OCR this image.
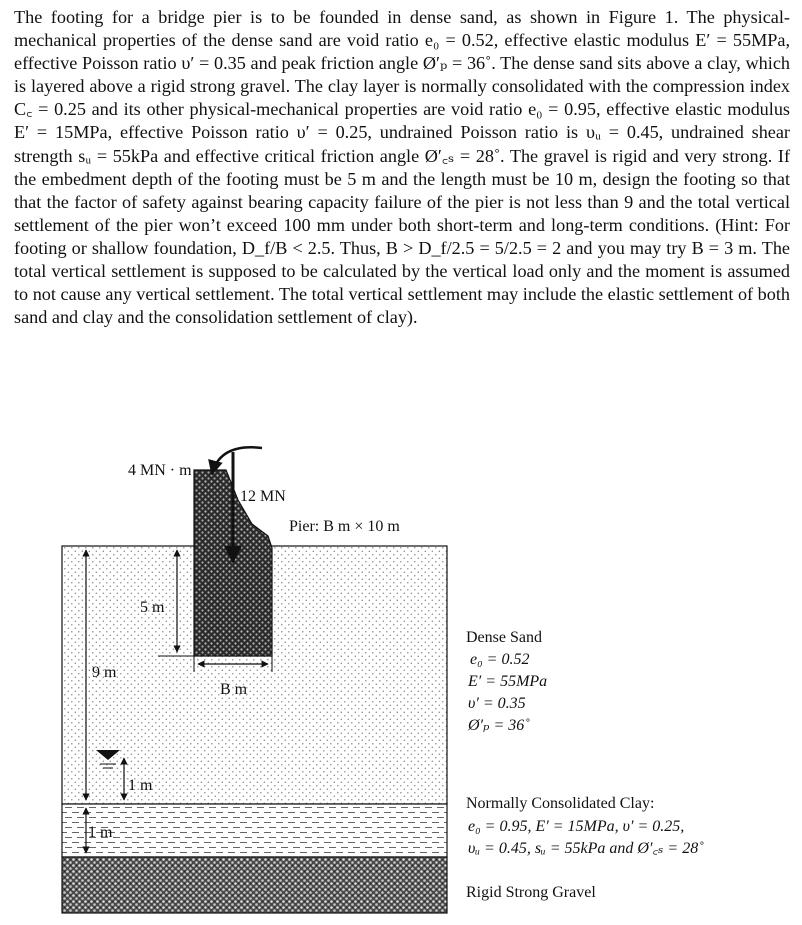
The footing for a bridge pier is to be founded in dense sand, as shown in Figure 1. The physical-mechanical properties of the dense sand are void ratio e₀ = 0.52, effective elastic modulus E′ = 55MPa, effective Poisson ratio υ′ = 0.35 and peak friction angle Ø′ₚ = 36˚. The dense sand sits above a clay, which is layered above a rigid strong gravel. The clay layer is normally consolidated with the compression index C꜀ = 0.25 and its other physical-mechanical properties are void ratio e₀ = 0.95, effective elastic modulus E′ = 15MPa, effective Poisson ratio υ′ = 0.25, undrained Poisson ratio is υᵤ = 0.45, undrained shear strength sᵤ = 55kPa and effective critical friction angle Ø′꜀ₛ = 28˚. The gravel is rigid and very strong. If the embedment depth of the footing must be 5 m and the length must be 10 m, design the footing so that that the factor of safety against bearing capacity failure of the pier is not less than 9 and the total vertical settlement of the pier won’t exceed 100 mm under both short-term and long-term conditions. (Hint: For footing or shallow foundation, D_f/B < 2.5. Thus, B > D_f/2.5 = 5/2.5 = 2 and you may try B = 3 m. The total vertical settlement is supposed to be calculated by the vertical load only and the moment is assumed to not cause any vertical settlement. The total vertical settlement may include the elastic settlement of both sand and clay and the consolidation settlement of clay).

4 MN · m
12 MN
Pier: B m × 10 m
5 m
B m
9 m
1 m
1 m
Dense Sand
e₀ = 0.52
E′ = 55MPa
υ′ = 0.35
Ø′ₚ = 36˚
Normally Consolidated Clay:
e₀ = 0.95, E′ = 15MPa, υ′ = 0.25,
υᵤ = 0.45, sᵤ = 55kPa and Ø′꜀ₛ = 28˚
Rigid Strong Gravel
